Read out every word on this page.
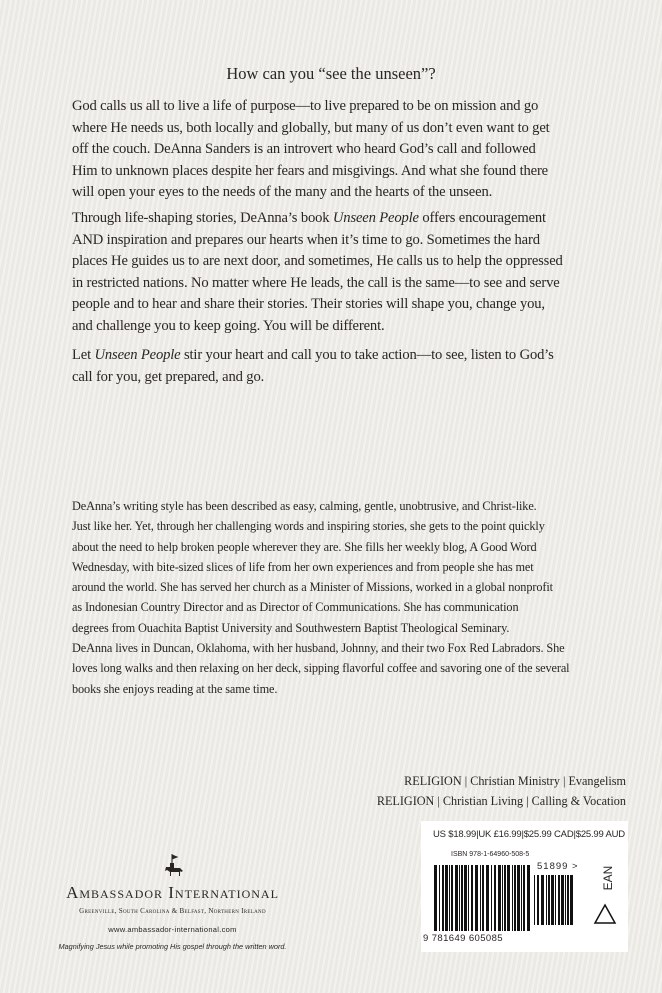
How can you “see the unseen”?
God calls us all to live a life of purpose—to live prepared to be on mission and go
where He needs us, both locally and globally, but many of us don’t even want to get
off the couch. DeAnna Sanders is an introvert who heard God’s call and followed
Him to unknown places despite her fears and misgivings. And what she found there
will open your eyes to the needs of the many and the hearts of the unseen.
Through life-shaping stories, DeAnna’s book Unseen People offers encouragement
AND inspiration and prepares our hearts when it’s time to go. Sometimes the hard
places He guides us to are next door, and sometimes, He calls us to help the oppressed
in restricted nations. No matter where He leads, the call is the same—to see and serve
people and to hear and share their stories. Their stories will shape you, change you,
and challenge you to keep going. You will be different.
Let Unseen People stir your heart and call you to take action—to see, listen to God’s
call for you, get prepared, and go.
DeAnna’s writing style has been described as easy, calming, gentle, unobtrusive, and Christ-like.
Just like her. Yet, through her challenging words and inspiring stories, she gets to the point quickly
about the need to help broken people wherever they are. She fills her weekly blog, A Good Word
Wednesday, with bite-sized slices of life from her own experiences and from people she has met
around the world. She has served her church as a Minister of Missions, worked in a global nonprofit
as Indonesian Country Director and as Director of Communications. She has communication
degrees from Ouachita Baptist University and Southwestern Baptist Theological Seminary.
DeAnna lives in Duncan, Oklahoma, with her husband, Johnny, and their two Fox Red Labradors. She
loves long walks and then relaxing on her deck, sipping flavorful coffee and savoring one of the several
books she enjoys reading at the same time.
RELIGION | Christian Ministry | Evangelism
RELIGION | Christian Living | Calling & Vocation
US $18.99|UK £16.99|$25.99 CAD|$25.99 AUD
ISBN 978-1-64960-508-5
9 781649 605085
51899 > EAN
Ambassador International
Greenville, South Carolina & Belfast, Northern Ireland
www.ambassador-international.com
Magnifying Jesus while promoting His gospel through the written word.
